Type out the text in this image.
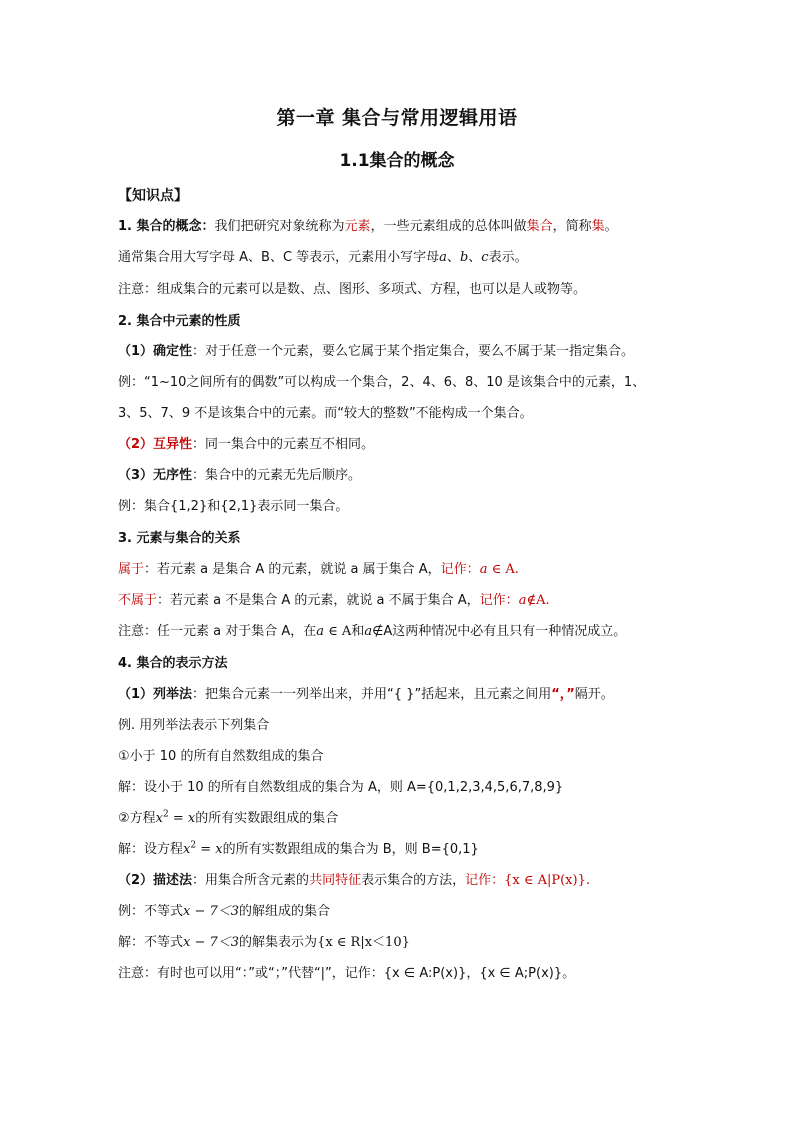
第一章 集合与常用逻辑用语
1.1集合的概念
【知识点】
1. 集合的概念：我们把研究对象统称为元素，一些元素组成的总体叫做集合，简称集。
通常集合用大写字母 A、B、C 等表示，元素用小写字母a、b、c表示。
注意：组成集合的元素可以是数、点、图形、多项式、方程，也可以是人或物等。
2. 集合中元素的性质
（1）确定性：对于任意一个元素，要么它属于某个指定集合，要么不属于某一指定集合。
例：“1~10之间所有的偶数”可以构成一个集合，2、4、6、8、10 是该集合中的元素，1、
3、5、7、9 不是该集合中的元素。而“较大的整数”不能构成一个集合。
（2）互异性：同一集合中的元素互不相同。
（3）无序性：集合中的元素无先后顺序。
例：集合{1,2}和{2,1}表示同一集合。
3. 元素与集合的关系
属于：若元素 a 是集合 A 的元素，就说 a 属于集合 A，记作：a ∈ A.
不属于：若元素 a 不是集合 A 的元素，就说 a 不属于集合 A，记作：a∉A.
注意：任一元素 a 对于集合 A，在a ∈ A和a∉A这两种情况中必有且只有一种情况成立。
4. 集合的表示方法
（1）列举法：把集合元素一一列举出来，并用“{ }”括起来，且元素之间用“，”隔开。
例. 用列举法表示下列集合
①小于 10 的所有自然数组成的集合
解：设小于 10 的所有自然数组成的集合为 A，则 A={0,1,2,3,4,5,6,7,8,9}
②方程$x^2 = x$的所有实数跟组成的集合
解：设方程$x^2 = x$的所有实数跟组成的集合为 B，则 B={0,1}
（2）描述法：用集合所含元素的共同特征表示集合的方法，记作：{x ∈ A|P(x)}.
例：不等式x − 7＜3的解组成的集合
解：不等式x − 7＜3的解集表示为{x ∈ R|x＜10}
注意：有时也可以用“：”或“；”代替“|”，记作：{x ∈ A:P(x)}，{x ∈ A;P(x)}。
